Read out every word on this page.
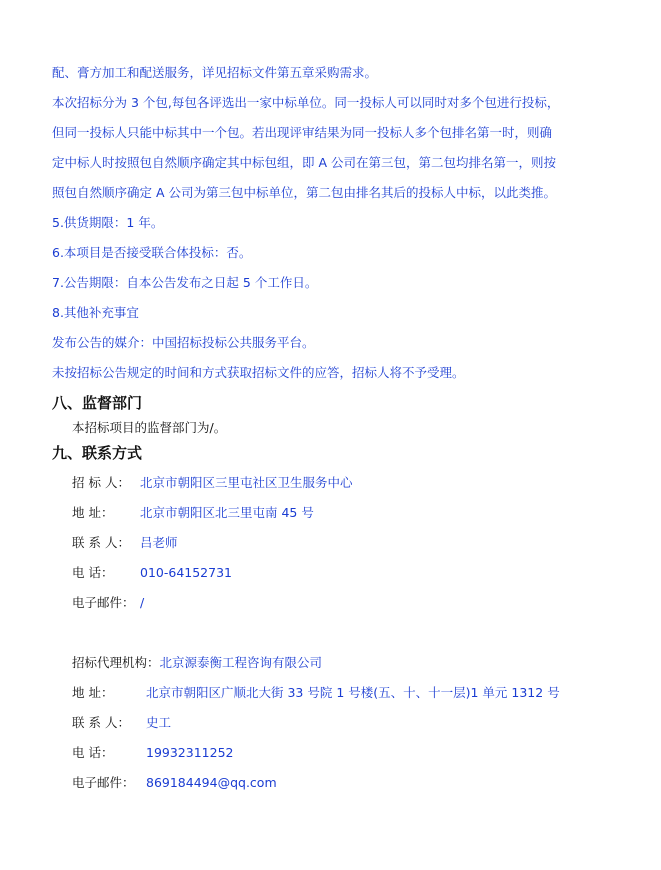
配、膏方加工和配送服务，详见招标文件第五章采购需求。
本次招标分为 3 个包,每包各评选出一家中标单位。同一投标人可以同时对多个包进行投标，
但同一投标人只能中标其中一个包。若出现评审结果为同一投标人多个包排名第一时，则确
定中标人时按照包自然顺序确定其中标包组，即 A 公司在第三包，第二包均排名第一，则按
照包自然顺序确定 A 公司为第三包中标单位，第二包由排名其后的投标人中标，以此类推。
5.供货期限：1 年。
6.本项目是否接受联合体投标：否。
7.公告期限：自本公告发布之日起 5 个工作日。
8.其他补充事宜
发布公告的媒介：中国招标投标公共服务平台。
未按招标公告规定的时间和方式获取招标文件的应答，招标人将不予受理。
八、监督部门
本招标项目的监督部门为/。
九、联系方式
招 标 人： 北京市朝阳区三里屯社区卫生服务中心
地 址： 北京市朝阳区北三里屯南 45 号
联 系 人： 吕老师
电 话： 010-64152731
电子邮件： /
招标代理机构：北京源泰衡工程咨询有限公司
地 址：	北京市朝阳区广顺北大街 33 号院 1 号楼(五、十、十一层)1 单元 1312 号
联 系 人： 史工
电 话：	19932311252
电子邮件： 869184494@qq.com
